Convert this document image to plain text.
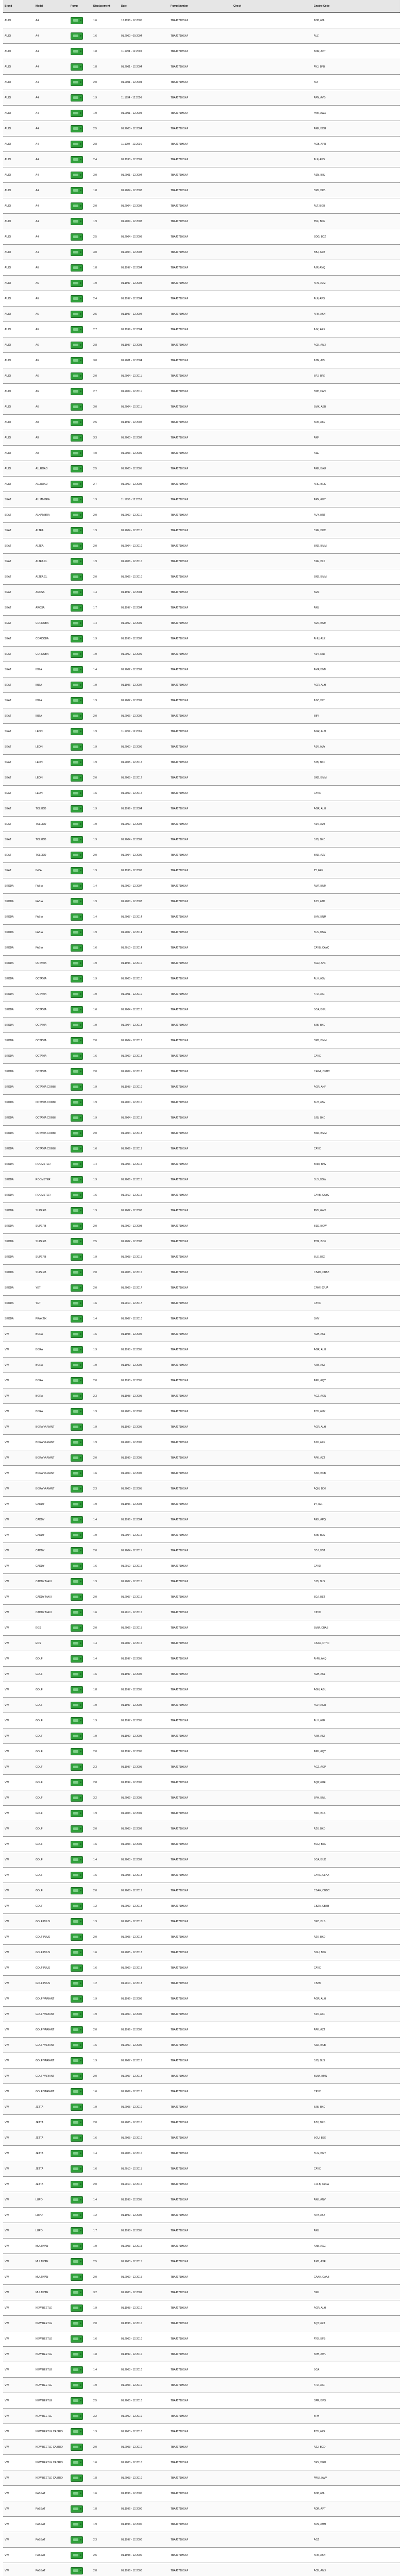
Brand	Model	Pump	Displacement	Date	Pump Number	Check	Engine Code
AUDI	A4		1.6	12.1996 - 12.2000	TBA4171H5XA		ADP, AHL
AUDI	A4		1.6	01.2000 - 09.2004	TBA4171H5XA		ALZ
AUDI	A4		1.8	11.1994 - 12.2000	TBA4171H5XA		ADR, APT
AUDI	A4		1.8	01.2001 - 12.2004	TBA4171H5XA		AVJ, BFB
AUDI	A4		2.0	01.2001 - 12.2004	TBA4171H5XA		ALT
AUDI	A4		1.9	11.1994 - 12.2000	TBA4171H5XA		AFN, AVG
AUDI	A4		1.9	01.2001 - 12.2004	TBA4171H5XA		AVB, AWX
AUDI	A4		2.5	01.2000 - 12.2004	TBA4171H5XA		AKE, BDG
AUDI	A4		2.8	11.1994 - 12.2001	TBA4171H5XA		AGB, APR
AUDI	A4		2.4	01.1998 - 12.2001	TBA4171H5XA		ALF, APS
AUDI	A4		3.0	01.2001 - 12.2004	TBA4171H5XA		ASN, BBJ
AUDI	A4		1.8	01.2004 - 12.2008	TBA4171H5XA		BFB, BKB
AUDI	A4		2.0	01.2004 - 12.2008	TBA4171H5XA		ALT, BGB
AUDI	A4		1.9	01.2004 - 12.2008	TBA4171H5XA		AVF, BKE
AUDI	A4		2.5	01.2004 - 12.2008	TBA4171H5XA		BDG, BCZ
AUDI	A4		3.0	01.2004 - 12.2008	TBA4171H5XA		BBJ, ASB
AUDI	A6		1.8	01.1997 - 12.2004	TBA4171H5XA		AJP, ANQ
AUDI	A6		1.9	01.1997 - 12.2004	TBA4171H5XA		AFN, AJM
AUDI	A6		2.4	01.1997 - 12.2004	TBA4171H5XA		ALF, APS
AUDI	A6		2.5	01.1997 - 12.2004	TBA4171H5XA		AFB, AKN
AUDI	A6		2.7	01.1999 - 12.2004	TBA4171H5XA		AJK, ARE
AUDI	A6		2.8	01.1997 - 12.2001	TBA4171H5XA		ACK, AMX
AUDI	A6		3.0	01.2001 - 12.2004	TBA4171H5XA		ASN, AVK
AUDI	A6		2.0	01.2004 - 12.2011	TBA4171H5XA		BPJ, BRE
AUDI	A6		2.7	01.2004 - 12.2011	TBA4171H5XA		BPP, CAN
AUDI	A6		3.0	01.2004 - 12.2011	TBA4171H5XA		BMK, ASB
AUDI	A8		2.5	01.1997 - 12.2002	TBA4171H5XA		AFB, AKE
AUDI	A8		3.3	01.2000 - 12.2002	TBA4171H5XA		AKF
AUDI	A8		4.0	01.2003 - 12.2009	TBA4171H5XA		ASE
AUDI	ALLROAD		2.5	01.2000 - 12.2005	TBA4171H5XA		AKE, BAU
AUDI	ALLROAD		2.7	01.2000 - 12.2005	TBA4171H5XA		ARE, BES
SEAT	ALHAMBRA		1.9	11.1996 - 12.2010	TBA4171H5XA		AFN, AUY
SEAT	ALHAMBRA		2.0	01.2000 - 12.2010	TBA4171H5XA		AUY, BRT
SEAT	ALTEA		1.9	01.2004 - 12.2010	TBA4171H5XA		BXE, BKC
SEAT	ALTEA		2.0	01.2004 - 12.2010	TBA4171H5XA		BKD, BMM
SEAT	ALTEA XL		1.9	01.2006 - 12.2010	TBA4171H5XA		BXE, BLS
SEAT	ALTEA XL		2.0	01.2006 - 12.2010	TBA4171H5XA		BKD, BMM
SEAT	AROSA		1.4	01.1997 - 12.2004	TBA4171H5XA		AMF
SEAT	AROSA		1.7	01.1997 - 12.2004	TBA4171H5XA		AKU
SEAT	CORDOBA		1.4	01.2002 - 12.2009	TBA4171H5XA		AMF, BNM
SEAT	CORDOBA		1.9	01.1996 - 12.2002	TBA4171H5XA		AHU, ALE
SEAT	CORDOBA		1.9	01.2002 - 12.2009	TBA4171H5XA		ASY, ATD
SEAT	IBIZA		1.4	01.2002 - 12.2009	TBA4171H5XA		AMF, BNM
SEAT	IBIZA		1.9	01.1996 - 12.2002	TBA4171H5XA		AGR, ALH
SEAT	IBIZA		1.9	01.2002 - 12.2009	TBA4171H5XA		ASZ, BLT
SEAT	IBIZA		2.0	01.2006 - 12.2009	TBA4171H5XA		BBY
SEAT	LEON		1.9	11.1999 - 12.2006	TBA4171H5XA		AGR, ALH
SEAT	LEON		1.9	01.2000 - 12.2006	TBA4171H5XA		ASV, AUY
SEAT	LEON		1.9	01.2005 - 12.2012	TBA4171H5XA		BJB, BKC
SEAT	LEON		2.0	01.2005 - 12.2012	TBA4171H5XA		BKD, BMM
SEAT	LEON		1.6	01.2009 - 12.2012	TBA4171H5XA		CAYC
SEAT	TOLEDO		1.9	01.1999 - 12.2004	TBA4171H5XA		AGR, ALH
SEAT	TOLEDO		1.9	01.2000 - 12.2004	TBA4171H5XA		ASV, AUY
SEAT	TOLEDO		1.9	01.2004 - 12.2009	TBA4171H5XA		BJB, BKC
SEAT	TOLEDO		2.0	01.2004 - 12.2009	TBA4171H5XA		BKD, AZV
SEAT	INCA		1.9	01.1996 - 12.2003	TBA4171H5XA		1Y, AEF
SKODA	FABIA		1.4	01.2000 - 12.2007	TBA4171H5XA		AMF, BNM
SKODA	FABIA		1.9	01.2000 - 12.2007	TBA4171H5XA		ASY, ATD
SKODA	FABIA		1.4	01.2007 - 12.2014	TBA4171H5XA		BNV, BNM
SKODA	FABIA		1.9	01.2007 - 12.2014	TBA4171H5XA		BLS, BSW
SKODA	FABIA		1.6	01.2010 - 12.2014	TBA4171H5XA		CAYB, CAYC
SKODA	OCTAVIA		1.9	01.1996 - 12.2010	TBA4171H5XA		AGR, AHF
SKODA	OCTAVIA		1.9	01.2000 - 12.2010	TBA4171H5XA		ALH, ASV
SKODA	OCTAVIA		1.9	01.2001 - 12.2010	TBA4171H5XA		ATD, AXR
SKODA	OCTAVIA		1.6	01.2004 - 12.2013	TBA4171H5XA		BCA, BGU
SKODA	OCTAVIA		1.9	01.2004 - 12.2013	TBA4171H5XA		BJB, BKC
SKODA	OCTAVIA		2.0	01.2004 - 12.2013	TBA4171H5XA		BKD, BMM
SKODA	OCTAVIA		1.6	01.2009 - 12.2013	TBA4171H5XA		CAYC
SKODA	OCTAVIA		2.0	01.2009 - 12.2013	TBA4171H5XA		CEGA, CFHC
SKODA	OCTAVIA COMBI		1.9	01.1998 - 12.2010	TBA4171H5XA		AGR, AHF
SKODA	OCTAVIA COMBI		1.9	01.2000 - 12.2010	TBA4171H5XA		ALH, ASV
SKODA	OCTAVIA COMBI		1.9	01.2004 - 12.2013	TBA4171H5XA		BJB, BKC
SKODA	OCTAVIA COMBI		2.0	01.2004 - 12.2013	TBA4171H5XA		BKD, BMM
SKODA	OCTAVIA COMBI		1.6	01.2009 - 12.2013	TBA4171H5XA		CAYC
SKODA	ROOMSTER		1.4	01.2006 - 12.2015	TBA4171H5XA		BNM, BNV
SKODA	ROOMSTER		1.9	01.2006 - 12.2015	TBA4171H5XA		BLS, BSW
SKODA	ROOMSTER		1.6	01.2010 - 12.2015	TBA4171H5XA		CAYB, CAYC
SKODA	SUPERB		1.9	01.2002 - 12.2008	TBA4171H5XA		AVB, AWX
SKODA	SUPERB		2.0	01.2002 - 12.2008	TBA4171H5XA		BSS, BGW
SKODA	SUPERB		2.5	01.2002 - 12.2008	TBA4171H5XA		AYM, BDG
SKODA	SUPERB		1.9	01.2008 - 12.2015	TBA4171H5XA		BLS, BXE
SKODA	SUPERB		2.0	01.2008 - 12.2015	TBA4171H5XA		CBAB, CBBB
SKODA	YETI		2.0	01.2009 - 12.2017	TBA4171H5XA		CFHF, CFJA
SKODA	YETI		1.6	01.2010 - 12.2017	TBA4171H5XA		CAYC
SKODA	PRAKTIK		1.4	01.2007 - 12.2010	TBA4171H5XA		BNV
VW	BORA		1.6	01.1998 - 12.2005	TBA4171H5XA		AEH, AKL
VW	BORA		1.9	01.1998 - 12.2005	TBA4171H5XA		AGR, ALH
VW	BORA		1.9	01.1999 - 12.2005	TBA4171H5XA		AJM, ASZ
VW	BORA		2.0	01.1998 - 12.2005	TBA4171H5XA		APK, AQY
VW	BORA		2.3	01.1998 - 12.2005	TBA4171H5XA		AGZ, AQN
VW	BORA		1.9	01.2000 - 12.2005	TBA4171H5XA		ATD, AUY
VW	BORA VARIANT		1.9	01.1999 - 12.2005	TBA4171H5XA		AGR, ALH
VW	BORA VARIANT		1.9	01.2000 - 12.2005	TBA4171H5XA		ASV, AXR
VW	BORA VARIANT		2.0	01.1999 - 12.2005	TBA4171H5XA		APK, AZJ
VW	BORA VARIANT		1.6	01.2000 - 12.2005	TBA4171H5XA		AZD, BCB
VW	BORA VARIANT		2.3	01.2000 - 12.2005	TBA4171H5XA		AQN, BDE
VW	CADDY		1.9	01.1996 - 12.2004	TBA4171H5XA		1Y, AEF
VW	CADDY		1.4	01.1996 - 12.2004	TBA4171H5XA		AEX, APQ
VW	CADDY		1.9	01.2004 - 12.2015	TBA4171H5XA		BJB, BLS
VW	CADDY		2.0	01.2004 - 12.2015	TBA4171H5XA		BDJ, BST
VW	CADDY		1.6	01.2010 - 12.2015	TBA4171H5XA		CAYD
VW	CADDY MAXI		1.9	01.2007 - 12.2015	TBA4171H5XA		BJB, BLS
VW	CADDY MAXI		2.0	01.2007 - 12.2015	TBA4171H5XA		BDJ, BST
VW	CADDY MAXI		1.6	01.2010 - 12.2015	TBA4171H5XA		CAYD
VW	EOS		2.0	01.2006 - 12.2015	TBA4171H5XA		BMM, CBAB
VW	EOS		1.4	01.2007 - 12.2015	TBA4171H5XA		CAXA, CTHD
VW	GOLF		1.4	01.1997 - 12.2005	TBA4171H5XA		AHW, AKQ
VW	GOLF		1.6	01.1997 - 12.2005	TBA4171H5XA		AEH, AKL
VW	GOLF		1.8	01.1997 - 12.2005	TBA4171H5XA		AGN, AGU
VW	GOLF		1.9	01.1997 - 12.2005	TBA4171H5XA		AGP, AGR
VW	GOLF		1.9	01.1997 - 12.2005	TBA4171H5XA		ALH, AHF
VW	GOLF		1.9	01.1999 - 12.2005	TBA4171H5XA		AJM, ASZ
VW	GOLF		2.0	01.1997 - 12.2005	TBA4171H5XA		APK, AQY
VW	GOLF		2.3	01.1997 - 12.2005	TBA4171H5XA		AGZ, AQP
VW	GOLF		2.8	01.1999 - 12.2005	TBA4171H5XA		AQP, AUE
VW	GOLF		3.2	01.2002 - 12.2005	TBA4171H5XA		BFH, BML
VW	GOLF		1.9	01.2003 - 12.2009	TBA4171H5XA		BKC, BLS
VW	GOLF		2.0	01.2003 - 12.2009	TBA4171H5XA		AZV, BKD
VW	GOLF		1.6	01.2003 - 12.2009	TBA4171H5XA		BGU, BSE
VW	GOLF		1.4	01.2003 - 12.2009	TBA4171H5XA		BCA, BUD
VW	GOLF		1.6	01.2008 - 12.2013	TBA4171H5XA		CAYC, CLHA
VW	GOLF		2.0	01.2008 - 12.2013	TBA4171H5XA		CBAA, CBDC
VW	GOLF		1.2	01.2009 - 12.2013	TBA4171H5XA		CBZA, CBZB
VW	GOLF PLUS		1.9	01.2005 - 12.2013	TBA4171H5XA		BKC, BLS
VW	GOLF PLUS		2.0	01.2005 - 12.2013	TBA4171H5XA		AZV, BKD
VW	GOLF PLUS		1.6	01.2005 - 12.2013	TBA4171H5XA		BGU, BSE
VW	GOLF PLUS		1.6	01.2009 - 12.2013	TBA4171H5XA		CAYC
VW	GOLF PLUS		1.2	01.2010 - 12.2013	TBA4171H5XA		CBZB
VW	GOLF VARIANT		1.9	01.1999 - 12.2006	TBA4171H5XA		AGR, ALH
VW	GOLF VARIANT		1.9	01.2000 - 12.2006	TBA4171H5XA		ASV, AXR
VW	GOLF VARIANT		2.0	01.1999 - 12.2006	TBA4171H5XA		APK, AZJ
VW	GOLF VARIANT		1.6	01.2000 - 12.2006	TBA4171H5XA		AZD, BCB
VW	GOLF VARIANT		1.9	01.2007 - 12.2013	TBA4171H5XA		BJB, BLS
VW	GOLF VARIANT		2.0	01.2007 - 12.2013	TBA4171H5XA		BMM, BMN
VW	GOLF VARIANT		1.6	01.2009 - 12.2013	TBA4171H5XA		CAYC
VW	JETTA		1.9	01.2005 - 12.2010	TBA4171H5XA		BJB, BKC
VW	JETTA		2.0	01.2005 - 12.2010	TBA4171H5XA		AZV, BKD
VW	JETTA		1.6	01.2005 - 12.2010	TBA4171H5XA		BGU, BSE
VW	JETTA		1.4	01.2006 - 12.2010	TBA4171H5XA		BLG, BMY
VW	JETTA		1.6	01.2010 - 12.2015	TBA4171H5XA		CAYC
VW	JETTA		2.0	01.2010 - 12.2015	TBA4171H5XA		CFFB, CLCA
VW	LUPO		1.4	01.1998 - 12.2005	TBA4171H5XA		AKK, ANV
VW	LUPO		1.2	01.1999 - 12.2005	TBA4171H5XA		ANY, AYZ
VW	LUPO		1.7	01.1998 - 12.2005	TBA4171H5XA		AKU
VW	MULTIVAN		1.9	01.2003 - 12.2015	TBA4171H5XA		AXB, AXC
VW	MULTIVAN		2.5	01.2003 - 12.2015	TBA4171H5XA		AXD, AXE
VW	MULTIVAN		2.0	01.2009 - 12.2015	TBA4171H5XA		CAAA, CAAB
VW	MULTIVAN		3.2	01.2003 - 12.2009	TBA4171H5XA		BKK
VW	NEW BEETLE		1.9	01.1998 - 12.2010	TBA4171H5XA		AGR, ALH
VW	NEW BEETLE		2.0	01.1998 - 12.2010	TBA4171H5XA		AQY, AZJ
VW	NEW BEETLE		1.6	01.2000 - 12.2010	TBA4171H5XA		AYD, BFS
VW	NEW BEETLE		1.8	01.1999 - 12.2010	TBA4171H5XA		APH, AWU
VW	NEW BEETLE		1.4	01.2003 - 12.2010	TBA4171H5XA		BCA
VW	NEW BEETLE		1.9	01.2003 - 12.2010	TBA4171H5XA		ATD, AXR
VW	NEW BEETLE		2.5	01.2005 - 12.2010	TBA4171H5XA		BPR, BPS
VW	NEW BEETLE		3.2	01.2002 - 12.2010	TBA4171H5XA		BFH
VW	NEW BEETLE CABRIO		1.9	01.2003 - 12.2010	TBA4171H5XA		ATD, AXR
VW	NEW BEETLE CABRIO		2.0	01.2003 - 12.2010	TBA4171H5XA		AZJ, BGD
VW	NEW BEETLE CABRIO		1.6	01.2003 - 12.2010	TBA4171H5XA		BFS, BGU
VW	NEW BEETLE CABRIO		1.8	01.2003 - 12.2010	TBA4171H5XA		AWU, AWV
VW	PASSAT		1.6	01.1996 - 12.2000	TBA4171H5XA		ADP, AHL
VW	PASSAT		1.8	01.1996 - 12.2000	TBA4171H5XA		ADR, APT
VW	PASSAT		1.9	01.1996 - 12.2000	TBA4171H5XA		AFN, AHH
VW	PASSAT		2.3	01.1997 - 12.2000	TBA4171H5XA		AGZ
VW	PASSAT		2.5	01.1998 - 12.2000	TBA4171H5XA		AFB, AKN
VW	PASSAT		2.8	01.1996 - 12.2000	TBA4171H5XA		ACK, AMX
